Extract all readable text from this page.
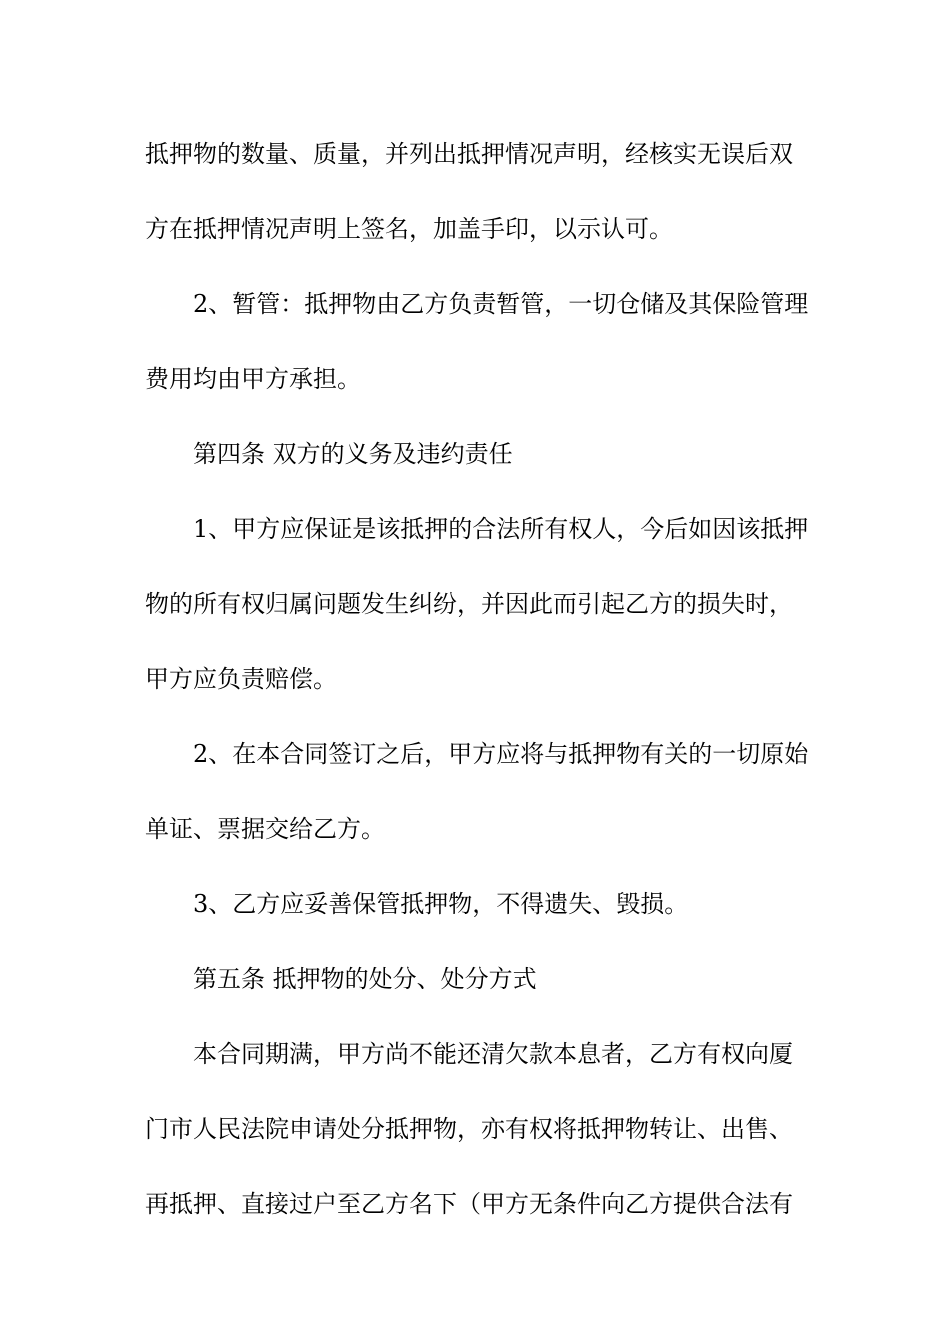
抵押物的数量、质量，并列出抵押情况声明，经核实无误后双
方在抵押情况声明上签名，加盖手印，以示认可。
2、暂管：抵押物由乙方负责暂管，一切仓储及其保险管理
费用均由甲方承担。
第四条 双方的义务及违约责任
1、甲方应保证是该抵押的合法所有权人，今后如因该抵押
物的所有权归属问题发生纠纷，并因此而引起乙方的损失时，
甲方应负责赔偿。
2、在本合同签订之后，甲方应将与抵押物有关的一切原始
单证、票据交给乙方。
3、乙方应妥善保管抵押物，不得遗失、毁损。
第五条 抵押物的处分、处分方式
本合同期满，甲方尚不能还清欠款本息者，乙方有权向厦
门市人民法院申请处分抵押物，亦有权将抵押物转让、出售、
再抵押、直接过户至乙方名下（甲方无条件向乙方提供合法有
